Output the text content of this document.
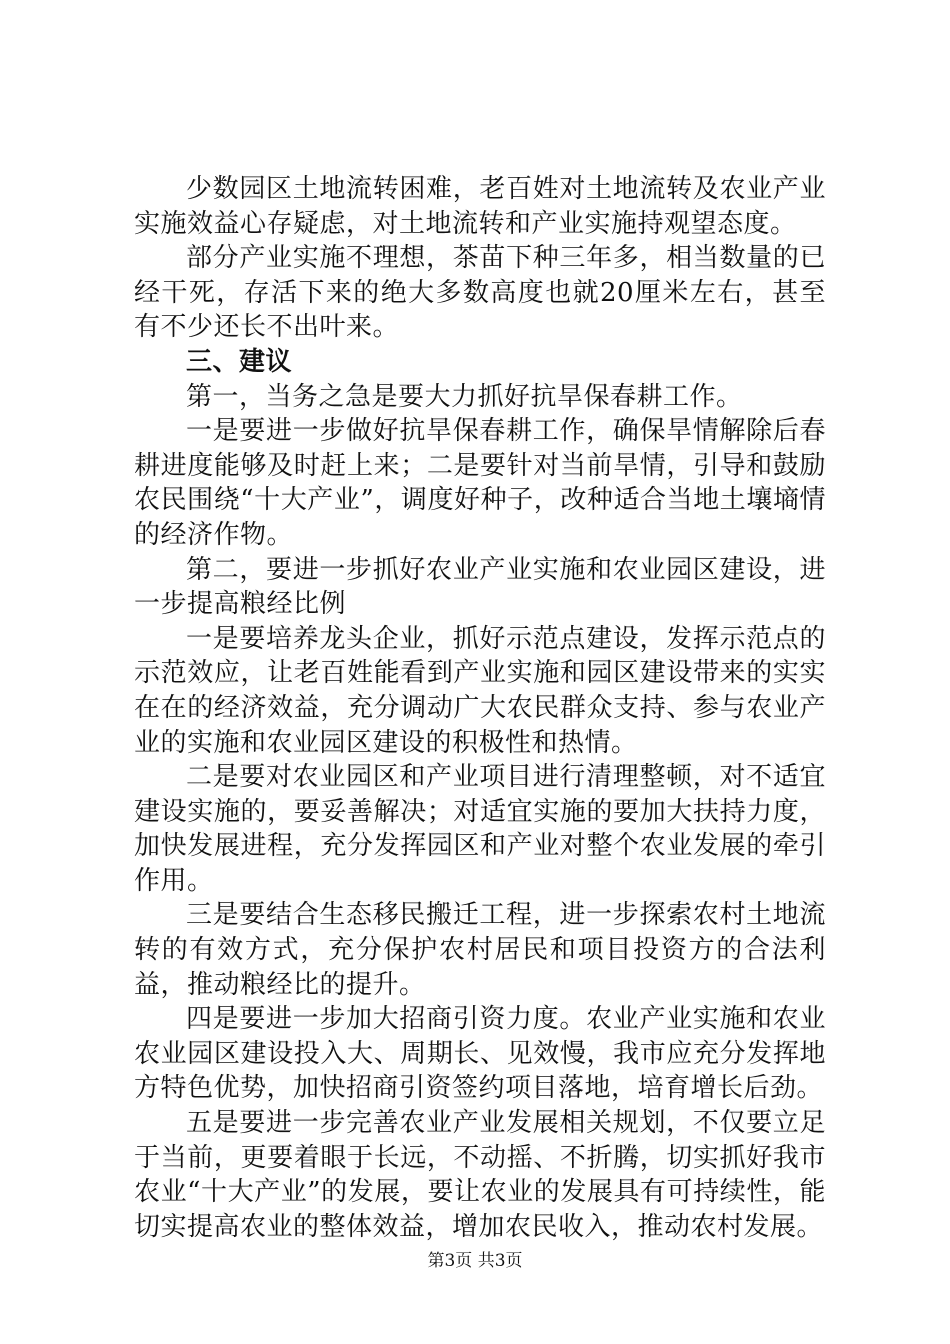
少数园区土地流转困难，老百姓对土地流转及农业产业实施效益心存疑虑，对土地流转和产业实施持观望态度。

部分产业实施不理想，茶苗下种三年多，相当数量的已经干死，存活下来的绝大多数高度也就20厘米左右，甚至有不少还长不出叶来。

三、建议

第一，当务之急是要大力抓好抗旱保春耕工作。

一是要进一步做好抗旱保春耕工作，确保旱情解除后春耕进度能够及时赶上来；二是要针对当前旱情，引导和鼓励农民围绕“十大产业”，调度好种子，改种适合当地土壤墒情的经济作物。

第二，要进一步抓好农业产业实施和农业园区建设，进一步提高粮经比例

一是要培养龙头企业，抓好示范点建设，发挥示范点的示范效应，让老百姓能看到产业实施和园区建设带来的实实在在的经济效益，充分调动广大农民群众支持、参与农业产业的实施和农业园区建设的积极性和热情。

二是要对农业园区和产业项目进行清理整顿，对不适宜建设实施的，要妥善解决；对适宜实施的要加大扶持力度，加快发展进程，充分发挥园区和产业对整个农业发展的牵引作用。

三是要结合生态移民搬迁工程，进一步探索农村土地流转的有效方式，充分保护农村居民和项目投资方的合法利益，推动粮经比的提升。

四是要进一步加大招商引资力度。农业产业实施和农业农业园区建设投入大、周期长、见效慢，我市应充分发挥地方特色优势，加快招商引资签约项目落地，培育增长后劲。

五是要进一步完善农业产业发展相关规划，不仅要立足于当前，更要着眼于长远，不动摇、不折腾，切实抓好我市农业“十大产业”的发展，要让农业的发展具有可持续性，能切实提高农业的整体效益，增加农民收入，推动农村发展。

第3页 共3页
